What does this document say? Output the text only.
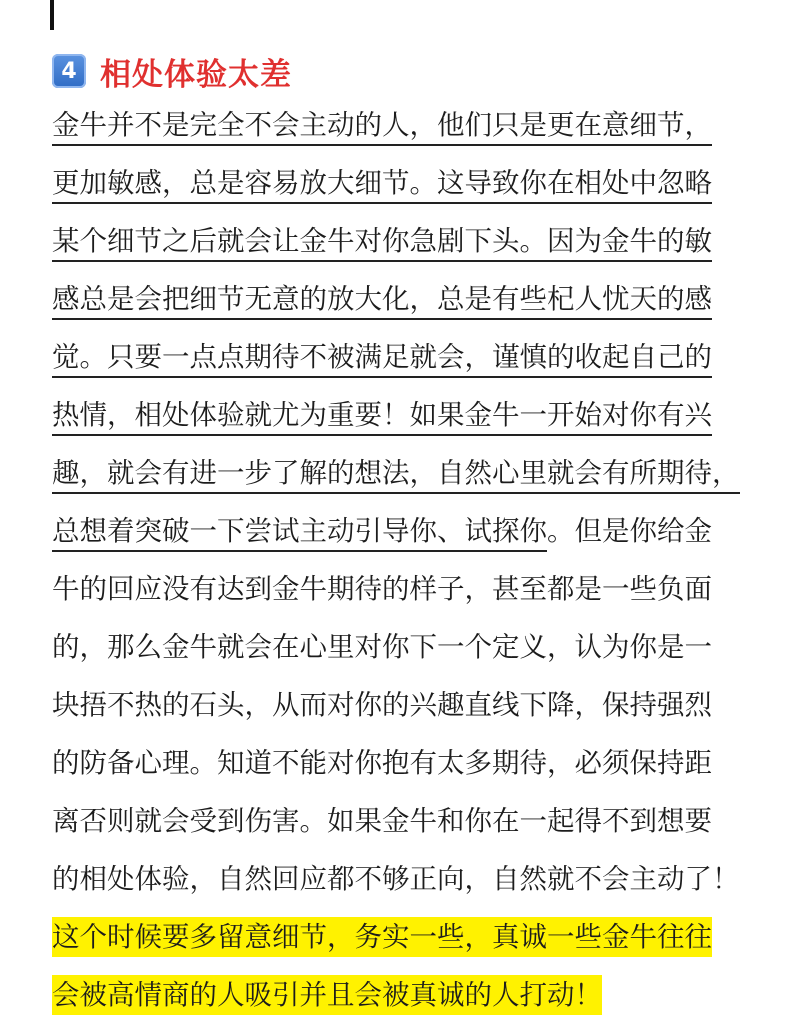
4 相处体验太差
金牛并不是完全不会主动的人，他们只是更在意细节，
更加敏感，总是容易放大细节。这导致你在相处中忽略
某个细节之后就会让金牛对你急剧下头。因为金牛的敏
感总是会把细节无意的放大化，总是有些杞人忧天的感
觉。只要一点点期待不被满足就会，谨慎的收起自己的
热情，相处体验就尤为重要！如果金牛一开始对你有兴
趣，就会有进一步了解的想法，自然心里就会有所期待，
总想着突破一下尝试主动引导你、试探你。但是你给金
牛的回应没有达到金牛期待的样子，甚至都是一些负面
的，那么金牛就会在心里对你下一个定义，认为你是一
块捂不热的石头，从而对你的兴趣直线下降，保持强烈
的防备心理。知道不能对你抱有太多期待，必须保持距
离否则就会受到伤害。如果金牛和你在一起得不到想要
的相处体验，自然回应都不够正向，自然就不会主动了！
这个时候要多留意细节，务实一些，真诚一些金牛往往
会被高情商的人吸引并且会被真诚的人打动！
